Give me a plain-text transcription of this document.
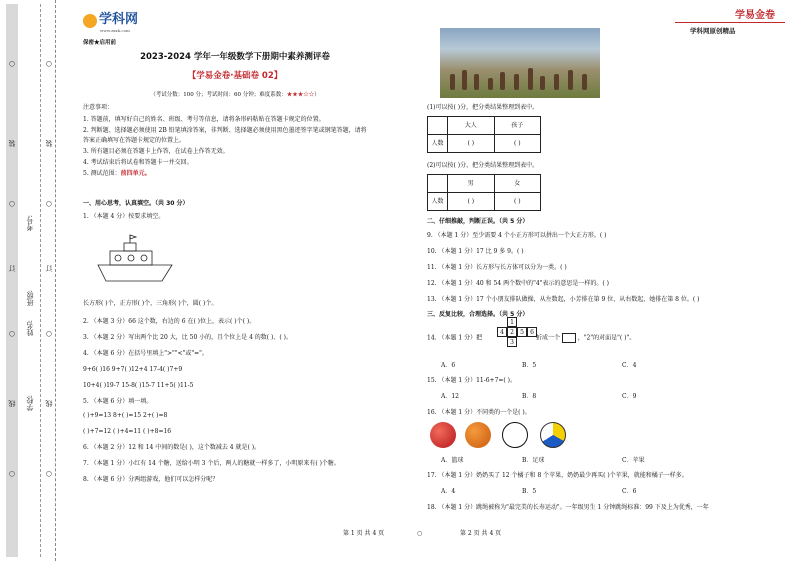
学校:
姓名:
班级:
考号:
○
装
○
订
○
线
○
○
装
○
订
○
线
○
学科网
www.zxxk.com
学易金卷
学科网原创精品
保密★启用前
2023-2024 学年一年级数学下册期中素养测评卷
【学易金卷·基础卷 02】
（考试分数：100 分；考试时间：60 分钟；难度系数：★★★☆☆）
注意事项：
1. 答题前，填写好自己的姓名、班级、考号等信息，请将条形码粘贴在答题卡规定的位置。
2. 判断题、选择题必须使用 2B 铅笔填涂答案，非判断、选择题必须使用黑色墨迹签字笔或钢笔答题，请将
答案正确填写在答题卡规定的位置上。
3. 所有题目必须在答题卡上作答，在试卷上作答无效。
4. 考试结束后将试卷和答题卡一并交回。
5. 测试范围：前四单元。
一、用心思考，认真填空。（共 30 分）
1. （本题 4 分）按要求填空。
长方形( )个，正方形( )个，三角形( )个，圆( )个。
2. （本题 3 分）66 这个数，右边的 6 在( )位上，表示( )个( )。
3. （本题 2 分）写出两个比 20 大，比 50 小的，且个位上是 4 的数( )、( )。
4. （本题 6 分）在括号里填上">""<"或"="。
9+6( )16 9+7( )12+4 17-4( )7+9
10+4( )19-7 15-8( )15-7 11+5( )11-5
5. （本题 6 分）填一填。
( )+9=13 8+( )=15 2+( )=8
( )+7=12 ( )+4=11 ( )+8=16
6. （本题 2 分）12 和 14 中间的数是( )，这个数减去 4 就是( )。
7. （本题 1 分）小红有 14 个糖，送给小明 3 个后，两人的糖就一样多了，小明原来有( )个糖。
8. （本题 6 分）分两组游戏，他们可以怎样分呢？
(1)可以按( )分，把分类结果整理到表中。
(2)可以按( )分，把分类结果整理到表中。
二、仔细推敲，判断正误。（共 5 分）
9. （本题 1 分）至少需要 4 个小正方形可以拼出一个大正方形。( )
10. （本题 1 分）17 比 9 多 9。( )
11. （本题 1 分）长方形与长方体可以分为一类。( )
12. （本题 1 分）40 和 54 两个数中的"4"表示的意思是一样的。( )
13. （本题 1 分）17 个小朋友排队做操，从左数起，小芳排在第 9 位，从右数起，她排在第 8 位。( )
三、反复比较，合理选择。（共 5 分）
14. （本题 1 分）把	折成一个	，"2"的对面是"( )"。
A．6	B．5	C．4
15. （本题 1 分）11-6+7=( )。
A．12	B．8	C．9
16. （本题 1 分）不同类的一个是( )。
A．篮球	B．足球	C．苹果
17. （本题 1 分）奶奶买了 12 个橘子和 8 个苹果，奶奶最少再买( )个苹果，就能和橘子一样多。
A．4	B．5	C．6
18. （本题 1 分）跳绳被称为"最完美的长寿运动"。一年级男生 1 分钟跳绳标准：99 下及上为优秀，一年
	大人	孩子
人数	( )	( )
	男	女
人数	( )	( )
1
4	2	5	6
3
第 1 页 共 4 页	○	第 2 页 共 4 页
